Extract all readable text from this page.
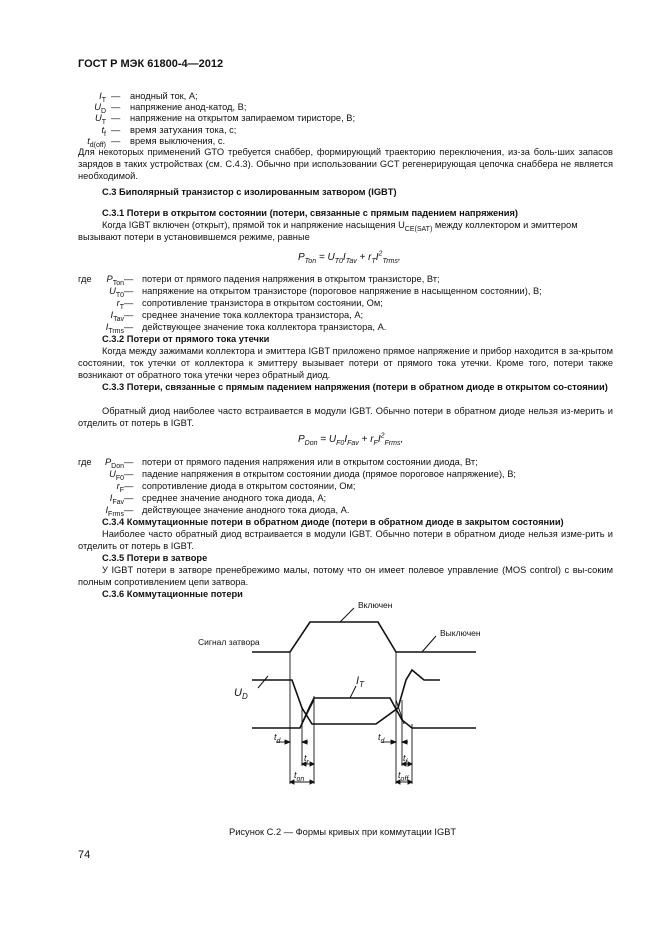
ГОСТ Р МЭК 61800-4—2012
$I_T$ — анодный ток, А;
$U_D$ — напряжение анод-катод, В;
$U_T$ — напряжение на открытом запираемом тиристоре, В;
$t_f$ — время затухания тока, с;
$t_{d(off)}$ — время выключения, с.
Для некоторых применений GTO требуется снаббер, формирующий траекторию переключения, из-за боль-ших запасов зарядов в таких устройствах (см. С.4.3). Обычно при использовании GCT регенерирующая цепочка снаббера не является необходимой.
С.3 Биполярный транзистор с изолированным затвором (IGBT)
С.3.1 Потери в открытом состоянии (потери, связанные с прямым падением напряжения)
Когда IGBT включен (открыт), прямой ток и напряжение насыщения $U_{CE(SAT)}$ между коллектором и эмиттером
вызывают потери в установившемся режиме, равные
$P_{Ton} = U_{T0}I_{Tav} + r_TI^2_{Trms}$,
где	$P_{Ton}$ — потери от прямого падения напряжения в открытом транзисторе, Вт;
$U_{T0}$ — напряжение на открытом транзисторе (пороговое напряжение в насыщенном состоянии), В;
$r_T$ — сопротивление транзистора в открытом состоянии, Ом;
$I_{Tav}$ — среднее значение тока коллектора транзистора, А;
$I_{Trms}$ — действующее значение тока коллектора транзистора, А.
С.3.2 Потери от прямого тока утечки
Когда между зажимами коллектора и эмиттера IGBT приложено прямое напряжение и прибор находится в за-крытом состоянии, ток утечки от коллектора к эмиттеру вызывает потери от прямого тока утечки. Кроме того, потери также возникают от обратного тока утечки через обратный диод.
С.3.3 Потери, связанные с прямым падением напряжения (потери в обратном диоде в открытом со-стоянии)
Обратный диод наиболее часто встраивается в модули IGBT. Обычно потери в обратном диоде нельзя из-мерить и отделить от потерь в IGBT.
$P_{Don} = U_{F0}I_{Fav} + r_FI^2_{Frms}$,
где	$P_{Don}$ — потери от прямого падения напряжения или в открытом состоянии диода, Вт;
$U_{F0}$ — падение напряжения в открытом состоянии диода (прямое пороговое напряжение), В;
$r_F$ — сопротивление диода в открытом состоянии, Ом;
$I_{Fav}$ — среднее значение анодного тока диода, А;
$I_{Frms}$ — действующее значение анодного тока диода, А.
С.3.4 Коммутационные потери в обратном диоде (потери в обратном диоде в закрытом состоянии)
Наиболее часто обратный диод встраивается в модули IGBT. Обычно потери в обратном диоде нельзя изме-рить и отделить от потерь в IGBT.
С.3.5 Потери в затворе
У IGBT потери в затворе пренебрежимо малы, потому что он имеет полевое управление (MOS control) с вы-соким полным сопротивлением цепи затвора.
С.3.6 Коммутационные потери
Включен
Выключен
Сигнал затвора
$U_D$
$I_T$
$t_d$
$t_r$
$t_{on}$
$t_d$
$t_f$
$t_{off}$
Рисунок С.2 — Формы кривых при коммутации IGBT
74
